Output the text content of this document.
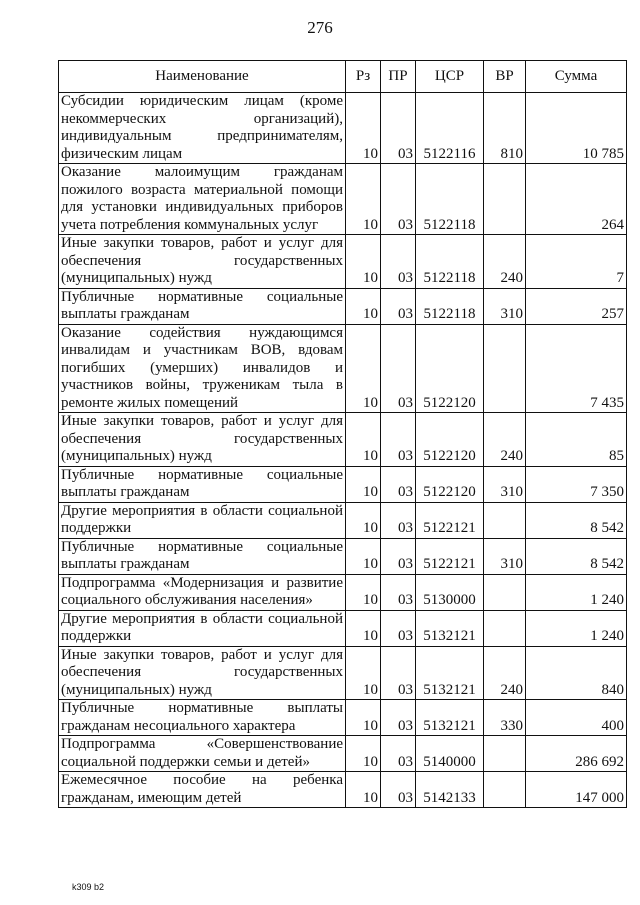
276
Наименование	Рз	ПР	ЦСР	ВР	Сумма
Субсидии юридическим лицам (кроме некоммерческих организаций), индивидуальным предпринимателям, физическим лицам	10	03	5122116	810	10 785
Оказание малоимущим гражданам пожилого возраста материальной помощи для установки индивидуальных приборов учета потребления коммунальных услуг	10	03	5122118		264
Иные закупки товаров, работ и услуг для обеспечения государственных (муниципальных) нужд	10	03	5122118	240	7
Публичные нормативные социальные выплаты гражданам	10	03	5122118	310	257
Оказание содействия нуждающимся инвалидам и участникам ВОВ, вдовам погибших (умерших) инвалидов и участников войны, труженикам тыла в ремонте жилых помещений	10	03	5122120		7 435
Иные закупки товаров, работ и услуг для обеспечения государственных (муниципальных) нужд	10	03	5122120	240	85
Публичные нормативные социальные выплаты гражданам	10	03	5122120	310	7 350
Другие мероприятия в области социальной поддержки	10	03	5122121		8 542
Публичные нормативные социальные выплаты гражданам	10	03	5122121	310	8 542
Подпрограмма «Модернизация и развитие социального обслуживания населения»	10	03	5130000		1 240
Другие мероприятия в области социальной поддержки	10	03	5132121		1 240
Иные закупки товаров, работ и услуг для обеспечения государственных (муниципальных) нужд	10	03	5132121	240	840
Публичные нормативные выплаты гражданам несоциального характера	10	03	5132121	330	400
Подпрограмма «Совершенствование социальной поддержки семьи и детей»	10	03	5140000		286 692
Ежемесячное пособие на ребенка гражданам, имеющим детей	10	03	5142133		147 000
k309 b2
